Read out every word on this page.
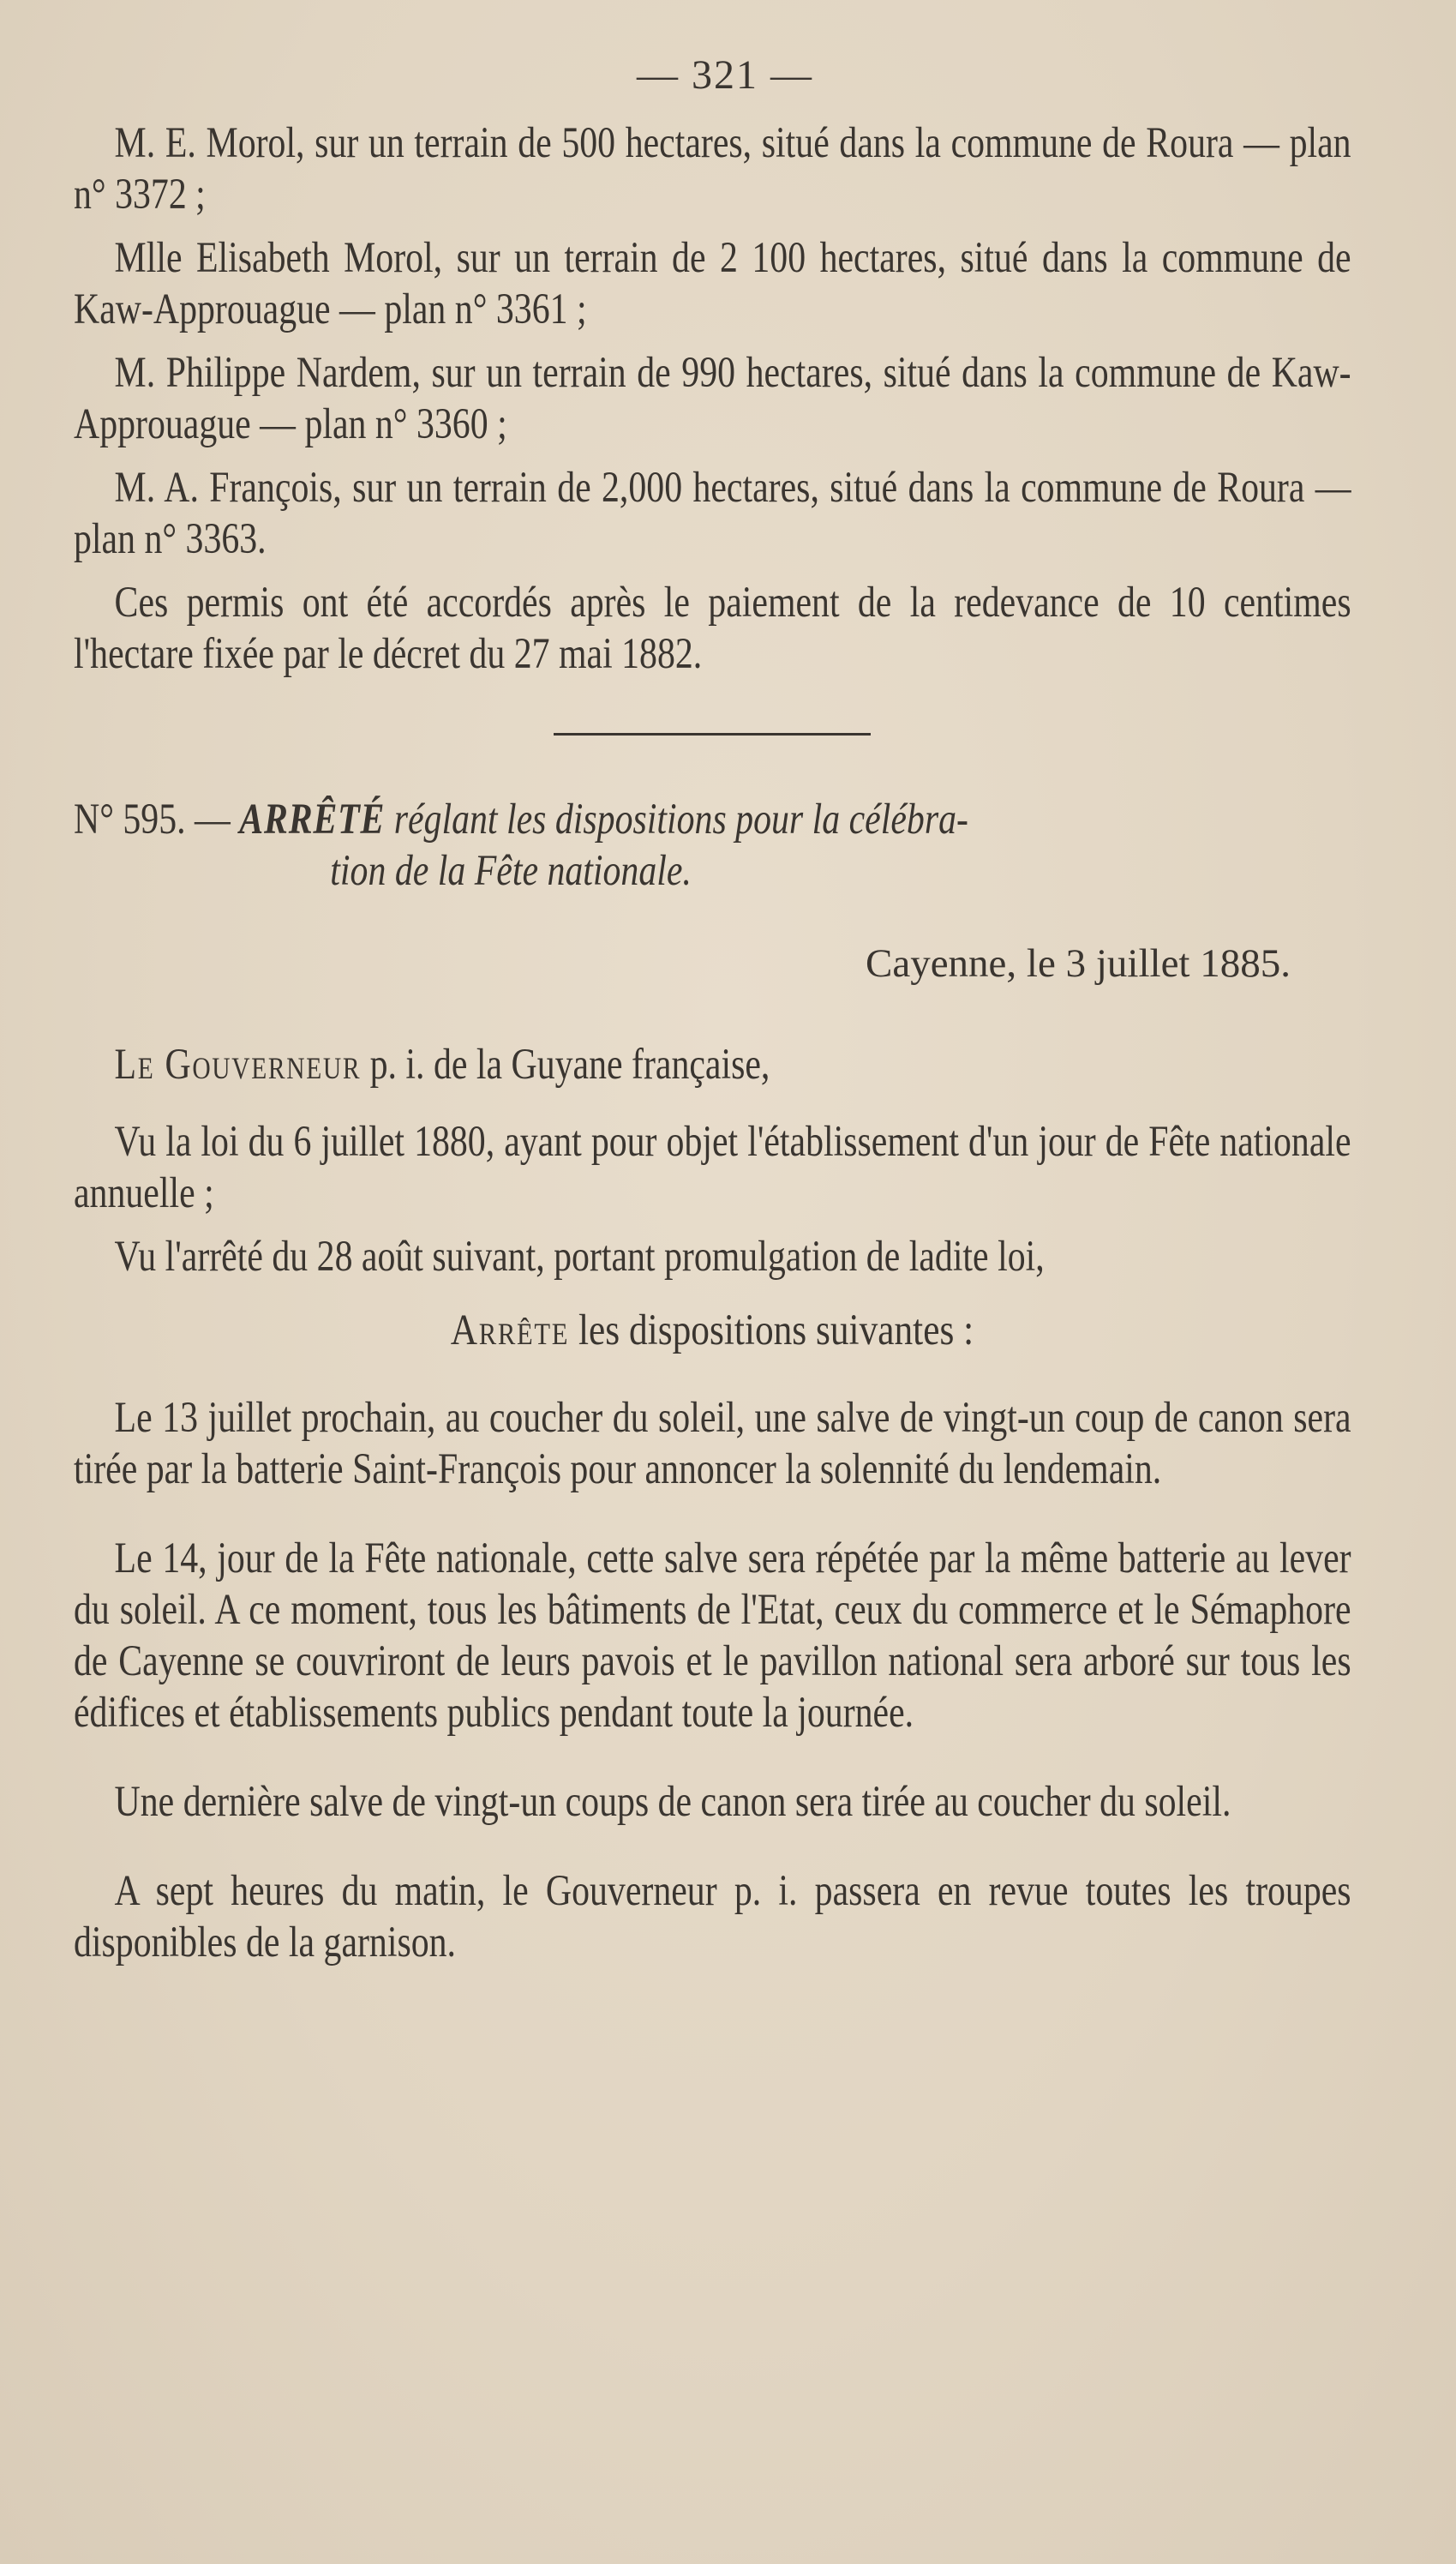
— 321 —

M. E. Morol, sur un terrain de 500 hectares, situé dans la commune de Roura — plan n° 3372 ;

Mlle Elisabeth Morol, sur un terrain de 2 100 hectares, situé dans la commune de Kaw-Approuague — plan n° 3361 ;

M. Philippe Nardem, sur un terrain de 990 hectares, situé dans la commune de Kaw-Approuague — plan n° 3360 ;

M. A. François, sur un terrain de 2,000 hectares, situé dans la commune de Roura — plan n° 3363.

Ces permis ont été accordés après le paiement de la redevance de 10 centimes l'hectare fixée par le décret du 27 mai 1882.

N° 595. — ARRÊTÉ réglant les dispositions pour la célébra-
tion de la Fête nationale.
Cayenne, le 3 juillet 1885.

Le Gouverneur p. i. de la Guyane française,

Vu la loi du 6 juillet 1880, ayant pour objet l'établissement d'un jour de Fête nationale annuelle ;

Vu l'arrêté du 28 août suivant, portant promulgation de ladite loi,

Arrête les dispositions suivantes :

Le 13 juillet prochain, au coucher du soleil, une salve de vingt-un coup de canon sera tirée par la batterie Saint-François pour annoncer la solennité du lendemain.

Le 14, jour de la Fête nationale, cette salve sera répétée par la même batterie au lever du soleil. A ce moment, tous les bâtiments de l'Etat, ceux du commerce et le Sémaphore de Cayenne se couvriront de leurs pavois et le pavillon national sera arboré sur tous les édifices et établissements publics pendant toute la journée.

Une dernière salve de vingt-un coups de canon sera tirée au coucher du soleil.

A sept heures du matin, le Gouverneur p. i. passera en revue toutes les troupes disponibles de la garnison.
